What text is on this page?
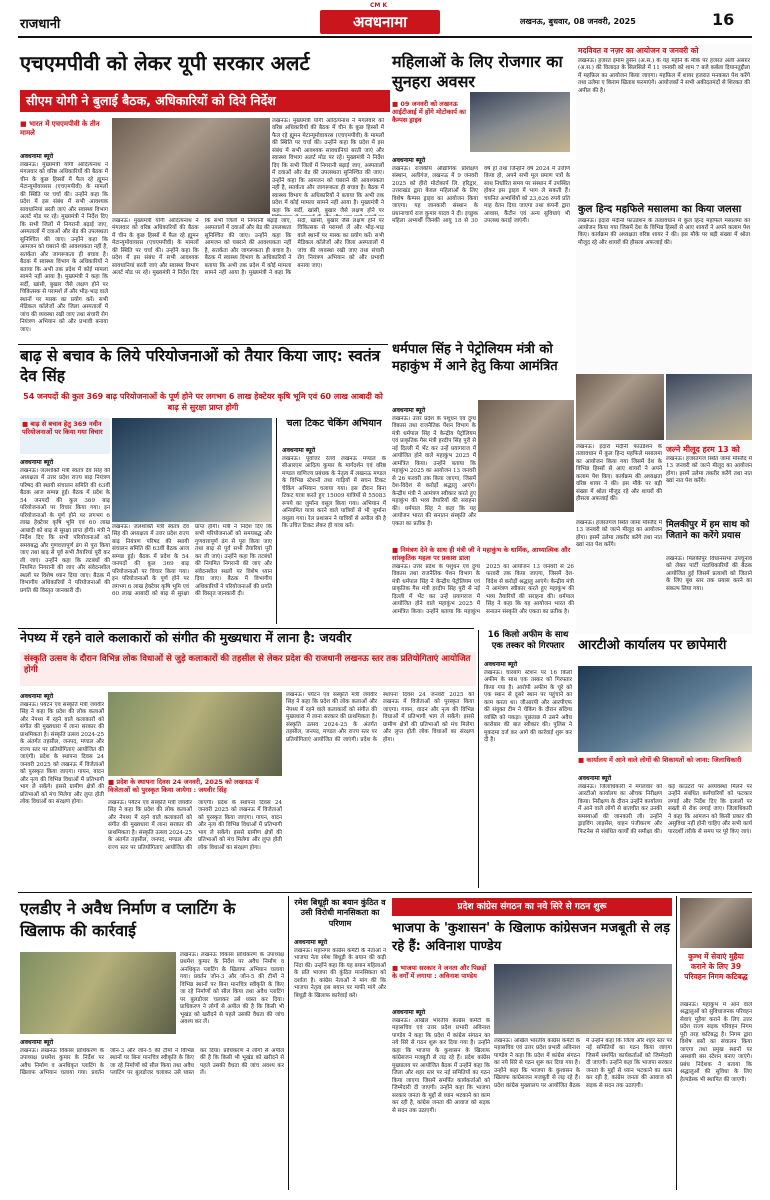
CM K
राजधानी	अवधनामा	लखनऊ, बुधवार, 08 जनवरी, 2025	16
एचएमपीवी को लेकर यूपी सरकार अलर्ट
सीएम योगी ने बुलाई बैठक, अधिकारियों को दिये निर्देश
■ भारत में एचएमपीवी के तीन मामले
अवधनामा ब्यूरो
लखनऊ। मुख्यमंत्री योगी आदित्यनाथ ने मंगलवार को वरिष्ठ अधिकारियों की बैठक में चीन के कुछ हिस्सों में फैल रहे ह्यूमन मेटान्यूमोवायरस (एचएमपीवी) के मामलों की स्थिति पर चर्चा की। उन्होंने कहा कि प्रदेश में इस संबंध में सभी आवश्यक सावधानियां बरती जाएं और स्वास्थ्य विभाग अलर्ट मोड पर रहे। मुख्यमंत्री ने निर्देश दिए कि सभी जिलों में निगरानी बढ़ाई जाए, अस्पतालों में दवाओं और बेड की उपलब्धता सुनिश्चित की जाए। उन्होंने कहा कि आमजन को घबराने की आवश्यकता नहीं है, सतर्कता और जागरूकता ही बचाव है। बैठक में स्वास्थ्य विभाग के अधिकारियों ने बताया कि अभी तक प्रदेश में कोई मामला सामने नहीं आया है। मुख्यमंत्री ने कहा कि सर्दी, खांसी, बुखार जैसे लक्षण होने पर चिकित्सक से परामर्श लें और भीड़-भाड़ वाले स्थानों पर मास्क का प्रयोग करें। सभी मेडिकल कॉलेजों और जिला अस्पतालों में जांच की व्यवस्था रखी जाए तथा संचारी रोग नियंत्रण अभियान को और प्रभावी बनाया जाए।
लखनऊ। मुख्यमंत्री योगी आदित्यनाथ ने मंगलवार को वरिष्ठ अधिकारियों की बैठक में चीन के कुछ हिस्सों में फैल रहे ह्यूमन मेटान्यूमोवायरस (एचएमपीवी) के मामलों की स्थिति पर चर्चा की। उन्होंने कहा कि प्रदेश में इस संबंध में सभी आवश्यक सावधानियां बरती जाएं और स्वास्थ्य विभाग अलर्ट मोड पर रहे। मुख्यमंत्री ने निर्देश दिए कि सभी जिलों में निगरानी बढ़ाई जाए, अस्पतालों में दवाओं और बेड की उपलब्धता सुनिश्चित की जाए। उन्होंने कहा कि आमजन को घबराने की आवश्यकता नहीं है, सतर्कता और जागरूकता ही बचाव है। बैठक में स्वास्थ्य विभाग के अधिकारियों ने बताया कि अभी तक प्रदेश में कोई मामला सामने नहीं आया है। मुख्यमंत्री ने कहा कि सर्दी, खांसी, बुखार जैसे लक्षण होने पर चिकित्सक से परामर्श लें और भीड़-भाड़ वाले स्थानों पर मास्क का प्रयोग करें। सभी मेडिकल कॉलेजों और जिला अस्पतालों में जांच की व्यवस्था रखी जाए तथा संचारी रोग नियंत्रण अभियान को और प्रभावी बनाया जाए।
लखनऊ। मुख्यमंत्री योगी आदित्यनाथ ने मंगलवार को वरिष्ठ अधिकारियों की बैठक में चीन के कुछ हिस्सों में फैल रहे ह्यूमन मेटान्यूमोवायरस (एचएमपीवी) के मामलों की स्थिति पर चर्चा की। उन्होंने कहा कि प्रदेश में इस संबंध में सभी आवश्यक सावधानियां बरती जाएं और स्वास्थ्य विभाग अलर्ट मोड पर रहे। मुख्यमंत्री ने निर्देश दिए कि सभी जिलों में निगरानी बढ़ाई जाए, अस्पतालों में दवाओं और बेड की उपलब्धता सुनिश्चित की जाए। उन्होंने कहा कि आमजन को घबराने की आवश्यकता नहीं है, सतर्कता और जागरूकता ही बचाव है। बैठक में स्वास्थ्य विभाग के अधिकारियों ने बताया कि अभी तक प्रदेश में कोई मामला सामने नहीं आया है। मुख्यमंत्री ने कहा कि सर्दी, खांसी, बुखार जैसे लक्षण होने पर
महिलाओं के लिए रोजगार का सुनहरा अवसर
■ 09 जनवरी को लखनऊ आईटीआई में होंगे मोटोकार्प का कैम्पस ड्राइव
अवधनामा ब्यूरो
लखनऊ। राजकीय औद्योगिक प्रशिक्षण संस्थान, अलीगंज, लखनऊ में 9 जनवरी 2025 को हीरो मोटोकार्प लि. हरिद्वार, उत्तराखंड द्वारा केवल महिलाओं के लिए विशेष कैम्पस ड्राइव का आयोजन किया जाएगा। यह जानकारी संस्थान के प्रधानाचार्य राज कुमार यादव ने दी। इच्छुक महिला अभ्यर्थी जिनकी आयु 18 से 30 वर्ष हो तथा जिन्होंने वर्ष 2024 में उत्तीर्ण किया हो, अपने सभी मूल प्रमाण पत्रों के साथ निर्धारित समय पर संस्थान में उपस्थित होकर इस ड्राइव में भाग ले सकती हैं। चयनित अभ्यर्थियों को 23,626 रुपये प्रति माह वेतन दिया जाएगा तथा कंपनी द्वारा आवास, कैंटीन एवं अन्य सुविधाएं भी उपलब्ध कराई जाएंगी।
मदविवत व नज़र का आयोजन व जनवरी को
लखनऊ। हजरत इमाम हुसैन (अ.स.) के यह महीने के मौके पर हजरत अली असग़र (अ.स.) की विलादत के सिलसिले में 11 जनवरी को शाम 7 बजे कर्बला दियानतुद्दौला में महफ़िल का आयोजन किया जाएगा। महफ़िल में शायर हजरात मनकबत पेश करेंगे तथा उलेमा ए किराम खिताब फरमाएंगे। आयोजकों ने सभी अकीदतमंदों से शिरकत की अपील की है।
कुल हिन्द महफिले मसालमा का किया जलसा
लखनऊ। इदारा मदीनी फाउंडेशन के तत्वावधान में कुल हिन्द महफिले मसालमा का आयोजन किया गया जिसमें देश के विभिन्न हिस्सों से आए शायरों ने अपने कलाम पेश किए। कार्यक्रम की अध्यक्षता वरिष्ठ शायर ने की। इस मौके पर बड़ी संख्या में श्रोता मौजूद रहे और शायरों की हौसला अफजाई की।
जल्ने मीलूद हरम 13 को
लखनऊ। हजरतगंज स्थित जामा मस्जिद में 13 जनवरी को जल्ने मीलूद का आयोजन होगा। इसमें उलेमा तकरीर करेंगे तथा नात ख्वां नात पेश करेंगे।
लखनऊ। इदारा मदीनी फाउंडेशन के तत्वावधान में कुल हिन्द महफिले मसालमा का आयोजन किया गया जिसमें देश के विभिन्न हिस्सों से आए शायरों ने अपने कलाम पेश किए। कार्यक्रम की अध्यक्षता वरिष्ठ शायर ने की। इस मौके पर बड़ी संख्या में श्रोता मौजूद रहे और शायरों की हौसला अफजाई की।
मिलकीपुर में हम साथ को जिताने का करेंगे प्रयास
लखनऊ। मिलकीपुर विधानसभा उपचुनाव को लेकर पार्टी पदाधिकारियों की बैठक आयोजित हुई जिसमें प्रत्याशी को जिताने के लिए बूथ स्तर तक प्रयास करने का संकल्प लिया गया।
लखनऊ। हजरतगंज स्थित जामा मस्जिद में 13 जनवरी को जल्ने मीलूद का आयोजन होगा। इसमें उलेमा तकरीर करेंगे तथा नात ख्वां नात पेश करेंगे।
बाढ़ से बचाव के लिये परियोजनाओं को तैयार किया जाए: स्वतंत्र देव सिंह
54 जनपदों की कुल 369 बाढ़ परियोजनाओं के पूर्ण होने पर लगभग 6 लाख हेक्टेयर कृषि भूमि एवं 60 लाख आबादी को बाढ़ से सुरक्षा प्राप्त होगी
■ बाढ़ से बचाव हेतु 369 नवीन परियोजनाओं पर किया गया विचार
अवधनामा ब्यूरो
लखनऊ। जलशक्ति मंत्री स्वतंत्र देव सिंह की अध्यक्षता में उत्तर प्रदेश राज्य बाढ़ नियंत्रण परिषद की स्थायी संचालन समिति की 63वीं बैठक आज सम्पन्न हुई। बैठक में प्रदेश के 54 जनपदों की कुल 369 बाढ़ परियोजनाओं पर विचार किया गया। इन परियोजनाओं के पूर्ण होने पर लगभग 6 लाख हेक्टेयर कृषि भूमि एवं 60 लाख आबादी को बाढ़ से सुरक्षा प्राप्त होगी। मंत्री ने निर्देश दिए कि सभी परियोजनाओं को समयबद्ध और गुणवत्तापूर्ण ढंग से पूरा किया जाए तथा बाढ़ से पूर्व सभी तैयारियां पूरी कर ली जाएं। उन्होंने कहा कि तटबंधों की नियमित निगरानी की जाए और संवेदनशील स्थलों पर विशेष ध्यान दिया जाए। बैठक में विभागीय अधिकारियों ने परियोजनाओं की प्रगति की विस्तृत जानकारी दी।
लखनऊ। जलशक्ति मंत्री स्वतंत्र देव सिंह की अध्यक्षता में उत्तर प्रदेश राज्य बाढ़ नियंत्रण परिषद की स्थायी संचालन समिति की 63वीं बैठक आज सम्पन्न हुई। बैठक में प्रदेश के 54 जनपदों की कुल 369 बाढ़ परियोजनाओं पर विचार किया गया। इन परियोजनाओं के पूर्ण होने पर लगभग 6 लाख हेक्टेयर कृषि भूमि एवं 60 लाख आबादी को बाढ़ से सुरक्षा प्राप्त होगी। मंत्री ने निर्देश दिए कि सभी परियोजनाओं को समयबद्ध और गुणवत्तापूर्ण ढंग से पूरा किया जाए तथा बाढ़ से पूर्व सभी तैयारियां पूरी कर ली जाएं। उन्होंने कहा कि तटबंधों की नियमित निगरानी की जाए और संवेदनशील स्थलों पर विशेष ध्यान दिया जाए। बैठक में विभागीय अधिकारियों ने परियोजनाओं की प्रगति की विस्तृत जानकारी दी।
चला टिकट चेकिंग अभियान
अवधनामा ब्यूरो
लखनऊ। पूर्वोत्तर रेलवे लखनऊ मण्डल के सीआरएम आदित्य कुमार के मार्गदर्शन एवं वरिष्ठ मण्डल वाणिज्य प्रबंधक के नेतृत्व में लखनऊ मण्डल के विभिन्न स्टेशनों तथा गाड़ियों में सघन टिकट चेकिंग अभियान चलाया गया। इस दौरान बिना टिकट यात्रा करते हुए 15009 यात्रियों से 55083 रूपये का जुर्माना वसूल किया गया। अभियान में अनियमित यात्रा करने वाले यात्रियों से भी जुर्माना वसूला गया। रेल प्रशासन ने यात्रियों से अपील की है कि उचित टिकट लेकर ही यात्रा करें।
धर्मपाल सिंह ने पेट्रोलियम मंत्री को महाकुंभ में आने हेतु किया आमंत्रित
अवधनामा ब्यूरो
लखनऊ। उत्तर प्रदेश के पशुधन एवं दुग्ध विकास तथा राजनैतिक पेंशन विभाग के मंत्री धर्मपाल सिंह ने केन्द्रीय पेट्रोलियम एवं प्राकृतिक गैस मंत्री हरदीप सिंह पुरी से नई दिल्ली में भेंट कर उन्हें प्रयागराज में आयोजित होने वाले महाकुंभ 2025 में आमंत्रित किया। उन्होंने बताया कि महाकुंभ 2025 का आयोजन 13 जनवरी से 26 फरवरी तक किया जाएगा, जिसमें देश-विदेश से करोड़ों श्रद्धालु आएंगे। केन्द्रीय मंत्री ने आमंत्रण स्वीकार करते हुए महाकुंभ की भव्य तैयारियों की सराहना की। धर्मपाल सिंह ने कहा कि यह आयोजन भारत की सनातन संस्कृति और एकता का प्रतीक है।
■ निमंत्रण देने के साथ ही मंत्री जी ने महाकुंभ के धार्मिक, आध्यात्मिक और सांस्कृतिक महत्व पर प्रकाश डाला
लखनऊ। उत्तर प्रदेश के पशुधन एवं दुग्ध विकास तथा राजनैतिक पेंशन विभाग के मंत्री धर्मपाल सिंह ने केन्द्रीय पेट्रोलियम एवं प्राकृतिक गैस मंत्री हरदीप सिंह पुरी से नई दिल्ली में भेंट कर उन्हें प्रयागराज में आयोजित होने वाले महाकुंभ 2025 में आमंत्रित किया। उन्होंने बताया कि महाकुंभ 2025 का आयोजन 13 जनवरी से 26 फरवरी तक किया जाएगा, जिसमें देश-विदेश से करोड़ों श्रद्धालु आएंगे। केन्द्रीय मंत्री ने आमंत्रण स्वीकार करते हुए महाकुंभ की भव्य तैयारियों की सराहना की। धर्मपाल सिंह ने कहा कि यह आयोजन भारत की सनातन संस्कृति और एकता का प्रतीक है।
नेपथ्य में रहने वाले कलाकारों को संगीत की मुख्यधारा में लाना है: जयवीर
संस्कृति उत्सव के दौरान विभिन्न लोक विधाओं से जुड़े कलाकारों की तहसील से लेकर प्रदेश की राजधानी लखनऊ स्तर तक प्रतियोगिताएं आयोजित होगी
■ प्रदेश के स्थापना दिवस 24 जनवरी, 2025 को लखनऊ में विजेताओं को पुरस्कृत किया जायेगा : जयवीर सिंह
अवधनामा ब्यूरो
लखनऊ। पर्यटन एवं संस्कृति मंत्री जयवीर सिंह ने कहा कि प्रदेश की लोक कलाओं और नेपथ्य में रहने वाले कलाकारों को संगीत की मुख्यधारा में लाना सरकार की प्राथमिकता है। संस्कृति उत्सव 2024-25 के अंतर्गत तहसील, जनपद, मण्डल और राज्य स्तर पर प्रतियोगिताएं आयोजित की जाएंगी। प्रदेश के स्थापना दिवस 24 जनवरी 2025 को लखनऊ में विजेताओं को पुरस्कृत किया जाएगा। गायन, वादन और नृत्य की विभिन्न विधाओं में प्रतिभागी भाग ले सकेंगे। इससे ग्रामीण क्षेत्रों की प्रतिभाओं को मंच मिलेगा और लुप्त होती लोक विधाओं का संरक्षण होगा।	लखनऊ। पर्यटन एवं संस्कृति मंत्री जयवीर सिंह ने कहा कि प्रदेश की लोक कलाओं और नेपथ्य में रहने वाले कलाकारों को संगीत की मुख्यधारा में लाना सरकार की प्राथमिकता है। संस्कृति उत्सव 2024-25 के अंतर्गत तहसील, जनपद, मण्डल और राज्य स्तर पर प्रतियोगिताएं आयोजित की जाएंगी। प्रदेश के स्थापना दिवस 24 जनवरी 2025 को लखनऊ में विजेताओं को पुरस्कृत किया जाएगा। गायन, वादन और नृत्य की विभिन्न विधाओं में प्रतिभागी भाग ले सकेंगे। इससे ग्रामीण क्षेत्रों की प्रतिभाओं को मंच मिलेगा और लुप्त होती लोक विधाओं का संरक्षण होगा।
लखनऊ। पर्यटन एवं संस्कृति मंत्री जयवीर सिंह ने कहा कि प्रदेश की लोक कलाओं और नेपथ्य में रहने वाले कलाकारों को संगीत की मुख्यधारा में लाना सरकार की प्राथमिकता है। संस्कृति उत्सव 2024-25 के अंतर्गत तहसील, जनपद, मण्डल और राज्य स्तर पर प्रतियोगिताएं आयोजित की जाएंगी। प्रदेश के स्थापना दिवस 24 जनवरी 2025 को लखनऊ में विजेताओं को पुरस्कृत किया जाएगा। गायन, वादन और नृत्य की विभिन्न विधाओं में प्रतिभागी भाग ले सकेंगे। इससे ग्रामीण क्षेत्रों की प्रतिभाओं को मंच मिलेगा और लुप्त होती लोक विधाओं का संरक्षण होगा।
16 किलो अफीम के साथ एक तस्कर को गिरफ्तार
अवधनामा ब्यूरो
लखनऊ। चारबाग स्टेशन पर 16 किलो अफीम के साथ एक तस्कर को गिरफ्तार किया गया है। आरोपी अफीम के चूरे को एक स्थान से दूसरे स्थान पर पहुंचाने का काम करता था। जीआरपी और आरपीएफ की संयुक्त टीम ने चेकिंग के दौरान संदिग्ध व्यक्ति को पकड़ा। पूछताछ में उसने अवैध कारोबार की बात स्वीकार की। पुलिस ने मुकदमा दर्ज कर आगे की कार्रवाई शुरू कर दी है।
आरटीओ कार्यालय पर छापेमारी
■ कार्यालय में आने वाले लोगों की शिकायतों को जाना: जिलाधिकारी
अवधनामा ब्यूरो
लखनऊ। जिलाधिकारी ने मंगलवार को आरटीओ कार्यालय का औचक निरीक्षण किया। निरीक्षण के दौरान उन्होंने कार्यालय में आने वाले लोगों से बातचीत कर उनकी समस्याओं की जानकारी ली। उन्होंने ड्राइविंग लाइसेंस, वाहन पंजीकरण और फिटनेस से संबंधित कार्यों की समीक्षा की। कई काउंटरों पर अव्यवस्था मिलने पर उन्होंने संबंधित कर्मचारियों को फटकार लगाई और निर्देश दिए कि दलालों पर सख्ती से रोक लगाई जाए। जिलाधिकारी ने कहा कि आमजन को किसी प्रकार की असुविधा नहीं होनी चाहिए और सभी कार्य पारदर्शी तरीके से समय पर पूरे किए जाएं।
एलडीए ने अवैध निर्माण व प्लाटिंग के खिलाफ की कार्रवाई
लखनऊ। लखनऊ विकास प्राधिकरण के उपाध्यक्ष प्रथमेश कुमार के निर्देश पर अवैध निर्माण व अनधिकृत प्लाटिंग के खिलाफ अभियान चलाया गया। प्रवर्तन जोन-3 और जोन-5 की टीमों ने विभिन्न स्थानों पर बिना मानचित्र स्वीकृति के किए जा रहे निर्माणों को सील किया तथा अवैध प्लाटिंग पर बुलडोजर चलाकर उसे ध्वस्त कर दिया। प्राधिकरण ने लोगों से अपील की है कि किसी भी भूखंड को खरीदने से पहले उसकी वैधता की जांच अवश्य कर लें।
अवधनामा ब्यूरो
लखनऊ। लखनऊ विकास प्राधिकरण के उपाध्यक्ष प्रथमेश कुमार के निर्देश पर अवैध निर्माण व अनधिकृत प्लाटिंग के खिलाफ अभियान चलाया गया। प्रवर्तन जोन-3 और जोन-5 की टीमों ने विभिन्न स्थानों पर बिना मानचित्र स्वीकृति के किए जा रहे निर्माणों को सील किया तथा अवैध प्लाटिंग पर बुलडोजर चलाकर उसे ध्वस्त कर दिया। प्राधिकरण ने लोगों से अपील की है कि किसी भी भूखंड को खरीदने से पहले उसकी वैधता की जांच अवश्य कर लें।
रमेश बिधूड़ी का बयान कुंठित व उसी विरोधी मानसिकता का परिणाम
अवधनामा ब्यूरो
लखनऊ। महानगर कांग्रेस कमेटी के नेताओं ने भाजपा नेता रमेश बिधूड़ी के बयान की कड़ी निंदा की। उन्होंने कहा कि यह बयान महिलाओं के प्रति भाजपा की कुंठित मानसिकता को दर्शाता है। कांग्रेस नेताओं ने मांग की कि भाजपा नेतृत्व इस बयान पर माफी मांगे और बिधूड़ी के खिलाफ कार्रवाई करे।
प्रदेश कांग्रेस संगठन का नये सिरे से गठन शुरू
भाजपा के 'कुशासन' के खिलाफ कांग्रेसजन मजबूती से लड़ रहे हैं: अविनाश पाण्डेय
■ भाजपा सरकार ने जनता और पिछड़ों के वर्गों में लगाया : अविनाश पाण्डेय
अवधनामा ब्यूरो
लखनऊ। अखिल भारतीय कांग्रेस कमेटी के महासचिव एवं उत्तर प्रदेश प्रभारी अविनाश पाण्डेय ने कहा कि प्रदेश में कांग्रेस संगठन का नये सिरे से गठन शुरू कर दिया गया है। उन्होंने कहा कि भाजपा के कुशासन के खिलाफ कांग्रेसजन मजबूती से लड़ रहे हैं। प्रदेश कांग्रेस मुख्यालय पर आयोजित बैठक में उन्होंने कहा कि जिला और शहर स्तर पर नई समितियों का गठन किया जाएगा जिसमें समर्पित कार्यकर्ताओं को जिम्मेदारी दी जाएगी। उन्होंने कहा कि भाजपा सरकार जनता के मुद्दों से ध्यान भटकाने का काम कर रही है, कांग्रेस जनता की आवाज को सड़क से सदन तक उठाएगी।
लखनऊ। अखिल भारतीय कांग्रेस कमेटी के महासचिव एवं उत्तर प्रदेश प्रभारी अविनाश पाण्डेय ने कहा कि प्रदेश में कांग्रेस संगठन का नये सिरे से गठन शुरू कर दिया गया है। उन्होंने कहा कि भाजपा के कुशासन के खिलाफ कांग्रेसजन मजबूती से लड़ रहे हैं। प्रदेश कांग्रेस मुख्यालय पर आयोजित बैठक में उन्होंने कहा कि जिला और शहर स्तर पर नई समितियों का गठन किया जाएगा जिसमें समर्पित कार्यकर्ताओं को जिम्मेदारी दी जाएगी। उन्होंने कहा कि भाजपा सरकार जनता के मुद्दों से ध्यान भटकाने का काम कर रही है, कांग्रेस जनता की आवाज को सड़क से सदन तक उठाएगी।
कुम्भ में सेवाएं मुहैया कराने के लिए 39 परिवहन निगम कटिबद्ध
लखनऊ। महाकुंभ में आने वाले श्रद्धालुओं को सुविधाजनक परिवहन सेवाएं मुहैया कराने के लिए उत्तर प्रदेश राज्य सड़क परिवहन निगम पूरी तरह कटिबद्ध है। निगम द्वारा विशेष बसों का संचालन किया जाएगा तथा प्रमुख स्थानों पर अस्थायी बस स्टेशन बनाए जाएंगे। प्रबंध निदेशक ने बताया कि श्रद्धालुओं की सुविधा के लिए हेल्पडेस्क भी स्थापित की जाएगी।
